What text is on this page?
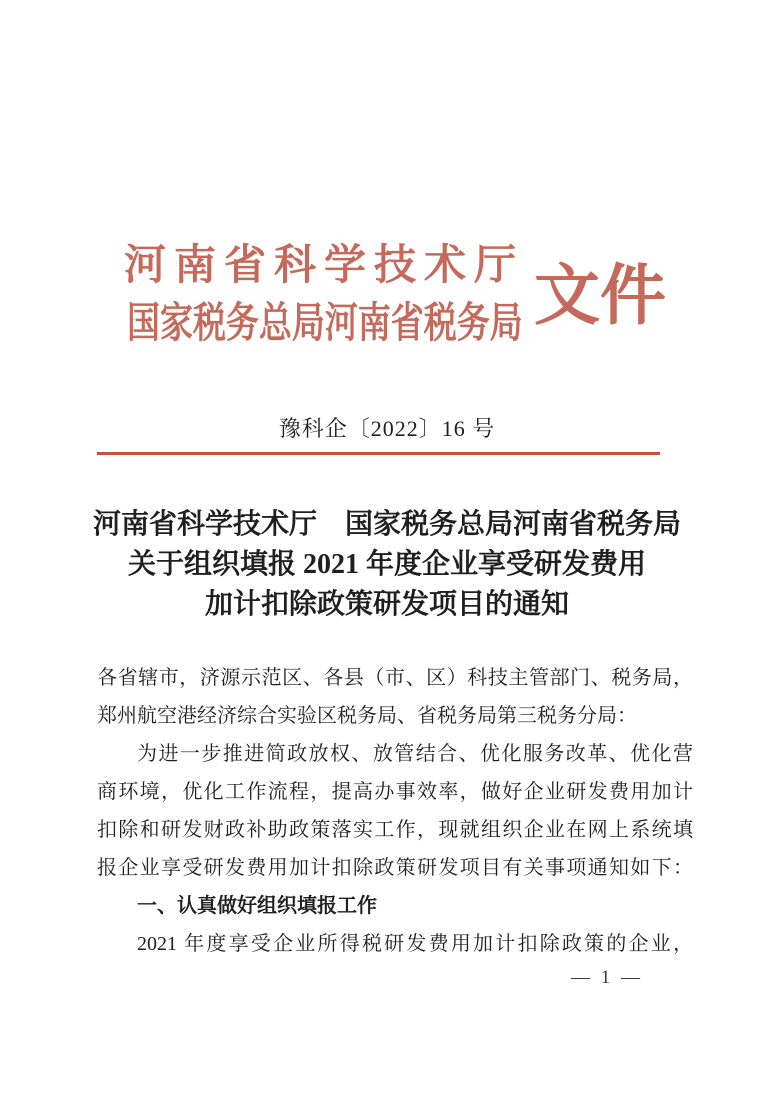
河南省科学技术厅
国家税务总局河南省税务局 文件
豫科企〔2022〕16 号
河南省科学技术厅　国家税务总局河南省税务局
关于组织填报 2021 年度企业享受研发费用
加计扣除政策研发项目的通知
各省辖市，济源示范区、各县（市、区）科技主管部门、税务局，
郑州航空港经济综合实验区税务局、省税务局第三税务分局：
为进一步推进简政放权、放管结合、优化服务改革、优化营
商环境，优化工作流程，提高办事效率，做好企业研发费用加计
扣除和研发财政补助政策落实工作，现就组织企业在网上系统填
报企业享受研发费用加计扣除政策研发项目有关事项通知如下：
一、认真做好组织填报工作
2021 年度享受企业所得税研发费用加计扣除政策的企业，
— 1 —
